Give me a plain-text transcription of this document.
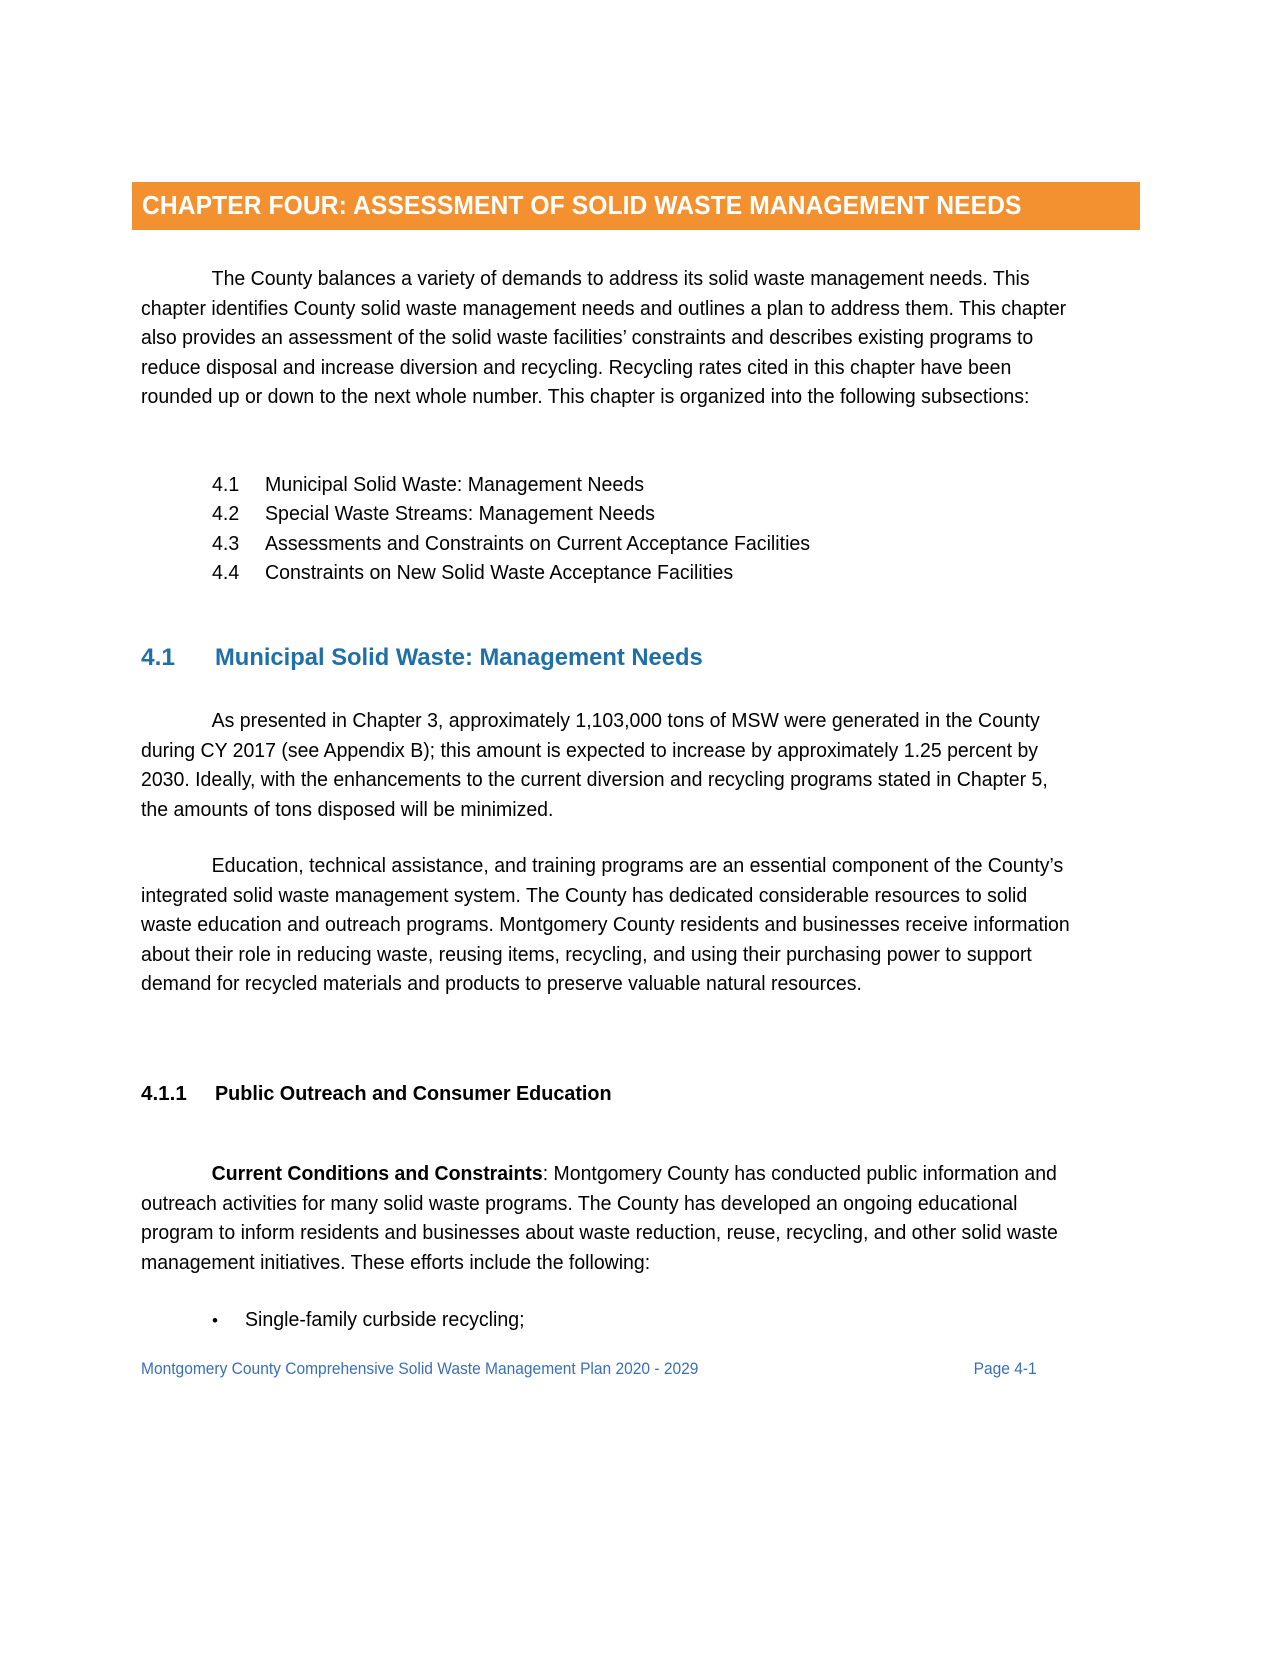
CHAPTER FOUR: ASSESSMENT OF SOLID WASTE MANAGEMENT NEEDS

The County balances a variety of demands to address its solid waste management needs. This chapter identifies County solid waste management needs and outlines a plan to address them. This chapter also provides an assessment of the solid waste facilities’ constraints and describes existing programs to reduce disposal and increase diversion and recycling. Recycling rates cited in this chapter have been rounded up or down to the next whole number. This chapter is organized into the following subsections:

4.1	Municipal Solid Waste: Management Needs
4.2	Special Waste Streams: Management Needs
4.3	Assessments and Constraints on Current Acceptance Facilities
4.4	Constraints on New Solid Waste Acceptance Facilities
4.1	Municipal Solid Waste: Management Needs

As presented in Chapter 3, approximately 1,103,000 tons of MSW were generated in the County during CY 2017 (see Appendix B); this amount is expected to increase by approximately 1.25 percent by 2030. Ideally, with the enhancements to the current diversion and recycling programs stated in Chapter 5, the amounts of tons disposed will be minimized.

Education, technical assistance, and training programs are an essential component of the County’s integrated solid waste management system. The County has dedicated considerable resources to solid waste education and outreach programs. Montgomery County residents and businesses receive information about their role in reducing waste, reusing items, recycling, and using their purchasing power to support demand for recycled materials and products to preserve valuable natural resources.

4.1.1	Public Outreach and Consumer Education

Current Conditions and Constraints: Montgomery County has conducted public information and outreach activities for many solid waste programs. The County has developed an ongoing educational program to inform residents and businesses about waste reduction, reuse, recycling, and other solid waste management initiatives. These efforts include the following:

•	Single-family curbside recycling;
Montgomery County Comprehensive Solid Waste Management Plan 2020 - 2029	Page 4-1
